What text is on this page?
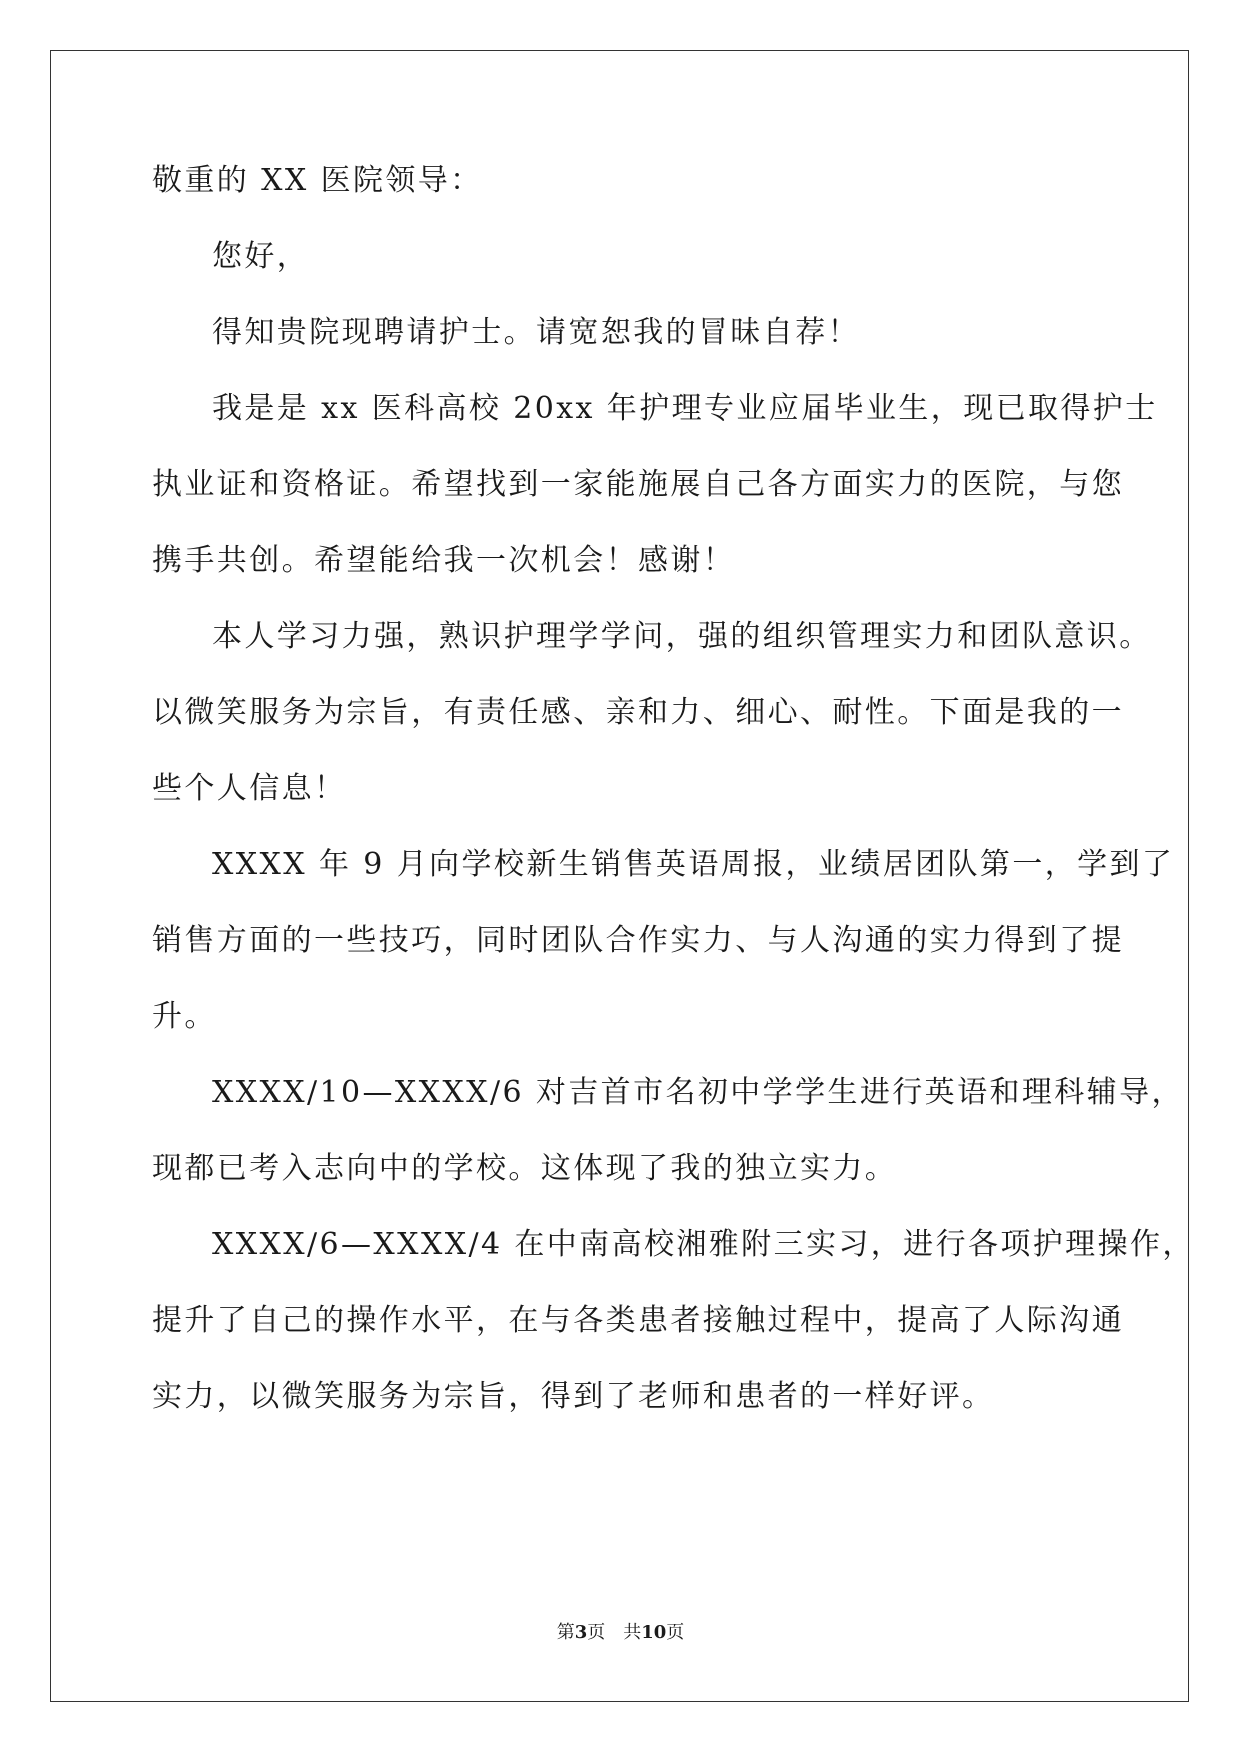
敬重的 XX 医院领导：
您好，
得知贵院现聘请护士。请宽恕我的冒昧自荐！
我是是 xx 医科高校 20xx 年护理专业应届毕业生，现已取得护士
执业证和资格证。希望找到一家能施展自己各方面实力的医院，与您
携手共创。希望能给我一次机会！感谢！
本人学习力强，熟识护理学学问，强的组织管理实力和团队意识。
以微笑服务为宗旨，有责任感、亲和力、细心、耐性。下面是我的一
些个人信息！
XXXX 年 9 月向学校新生销售英语周报，业绩居团队第一，学到了
销售方面的一些技巧，同时团队合作实力、与人沟通的实力得到了提
升。
XXXX/10—XXXX/6 对吉首市名初中学学生进行英语和理科辅导，
现都已考入志向中的学校。这体现了我的独立实力。
XXXX/6—XXXX/4 在中南高校湘雅附三实习，进行各项护理操作，
提升了自己的操作水平，在与各类患者接触过程中，提高了人际沟通
实力，以微笑服务为宗旨，得到了老师和患者的一样好评。
第3页 共10页
